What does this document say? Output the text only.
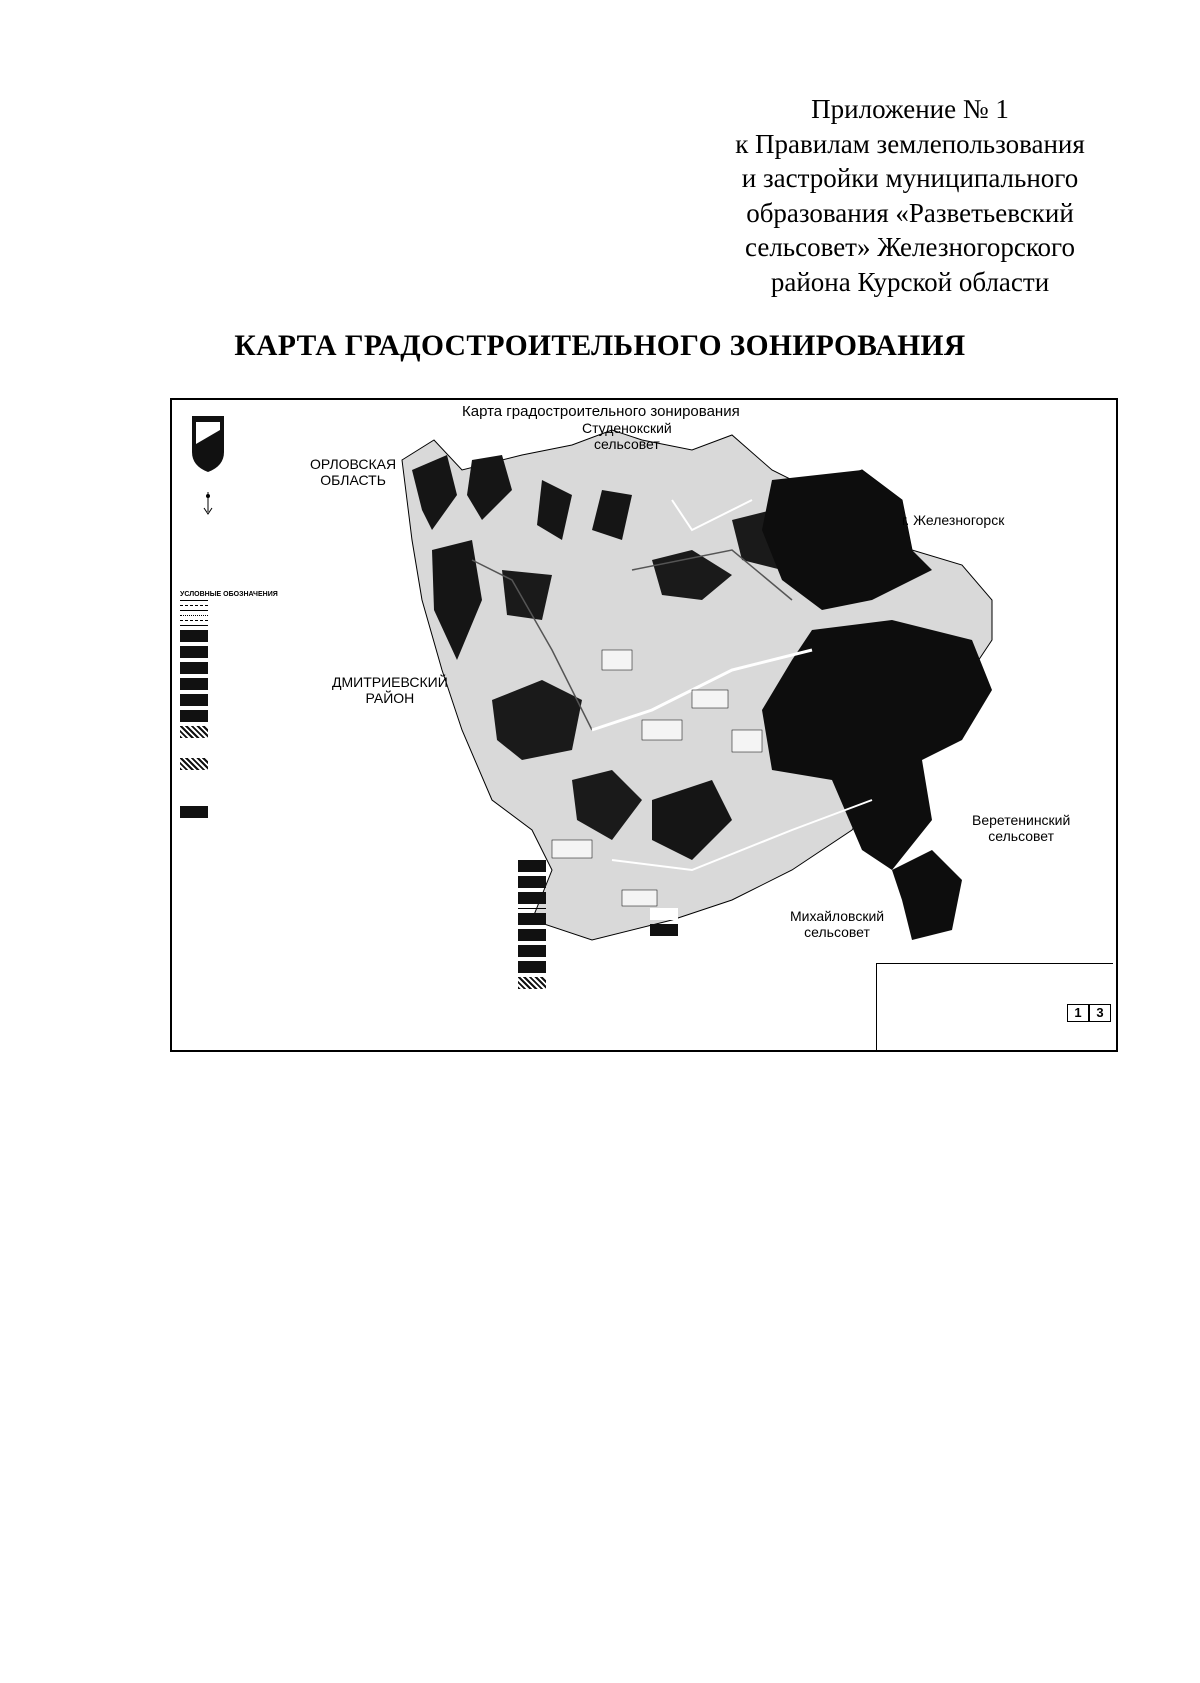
Приложение № 1
к Правилам землепользования
и застройки муниципального
образования «Разветьевский
сельсовет» Железногорского
района Курской области
КАРТА ГРАДОСТРОИТЕЛЬНОГО ЗОНИРОВАНИЯ
Карта градостроительного зонирования
Студенокский
сельсовет
ОРЛОВСКАЯ
ОБЛАСТЬ
г. Железногорск
ДМИТРИЕВСКИЙ
РАЙОН
Веретенинский
сельсовет
Михайловский
сельсовет
УСЛОВНЫЕ ОБОЗНАЧЕНИЯ
1	3
